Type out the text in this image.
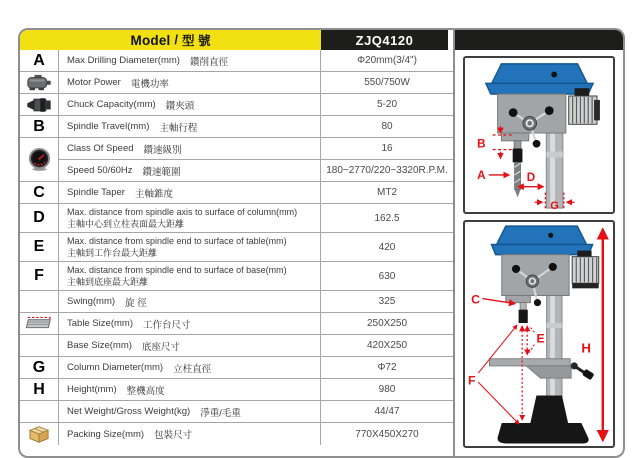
Model / 型 號	ZJQ4120
A Max Drilling Diameter(mm) 鑽削直徑	Φ20mm(3/4")
Motor Power 電機功率	550/750W
Chuck Capacity(mm) 鑽夾頭	5-20
B Spindle Travel(mm) 主軸行程	80
Class Of Speed 鑽速級別	16
Speed 50/60Hz 鑽速範圍	180~2770/220~3320R.P.M.
C Spindle Taper 主軸錐度	MT2
D Max. distance from spindle axis to surface of column(mm)
主軸中心到立柱表面最大距離	162.5
E	Max. distance from spindle end to surface of table(mm)
主軸到工作台最大距離	420
F	Max. distance from spindle end to surface of base(mm)
主軸到底座最大距離	630
Swing(mm) 旋 徑	325
Table Size(mm) 工作台尺寸	250X250
Base Size(mm) 底座尺寸	420X250
G Column Diameter(mm) 立柱直徑	Φ72
H Height(mm) 整機高度	980
Net Weight/Gross Weight(kg) 淨重/毛重	44/47
Packing Size(mm) 包裝尺寸	770X450X270
B
A	D
G
C
E
F
H
